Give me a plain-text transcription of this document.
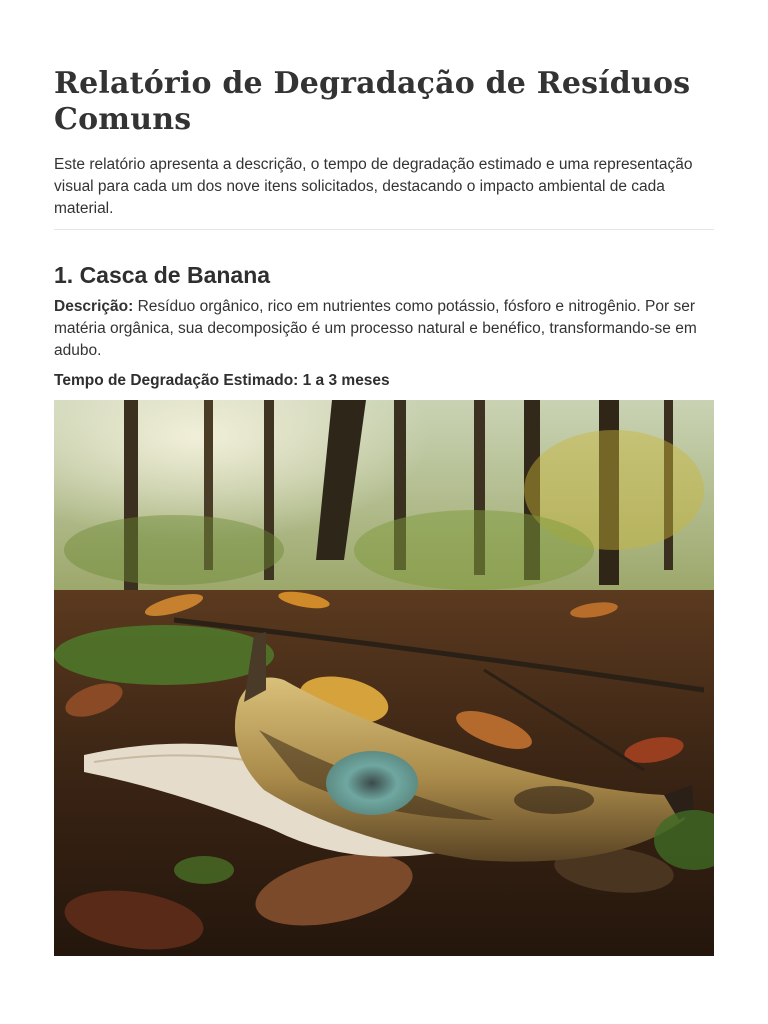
Relatório de Degradação de Resíduos Comuns

Este relatório apresenta a descrição, o tempo de degradação estimado e uma representação visual para cada um dos nove itens solicitados, destacando o impacto ambiental de cada material.

1. Casca de Banana

Descrição: Resíduo orgânico, rico em nutrientes como potássio, fósforo e nitrogênio. Por ser matéria orgânica, sua decomposição é um processo natural e benéfico, transformando-se em adubo.

Tempo de Degradação Estimado: 1 a 3 meses
